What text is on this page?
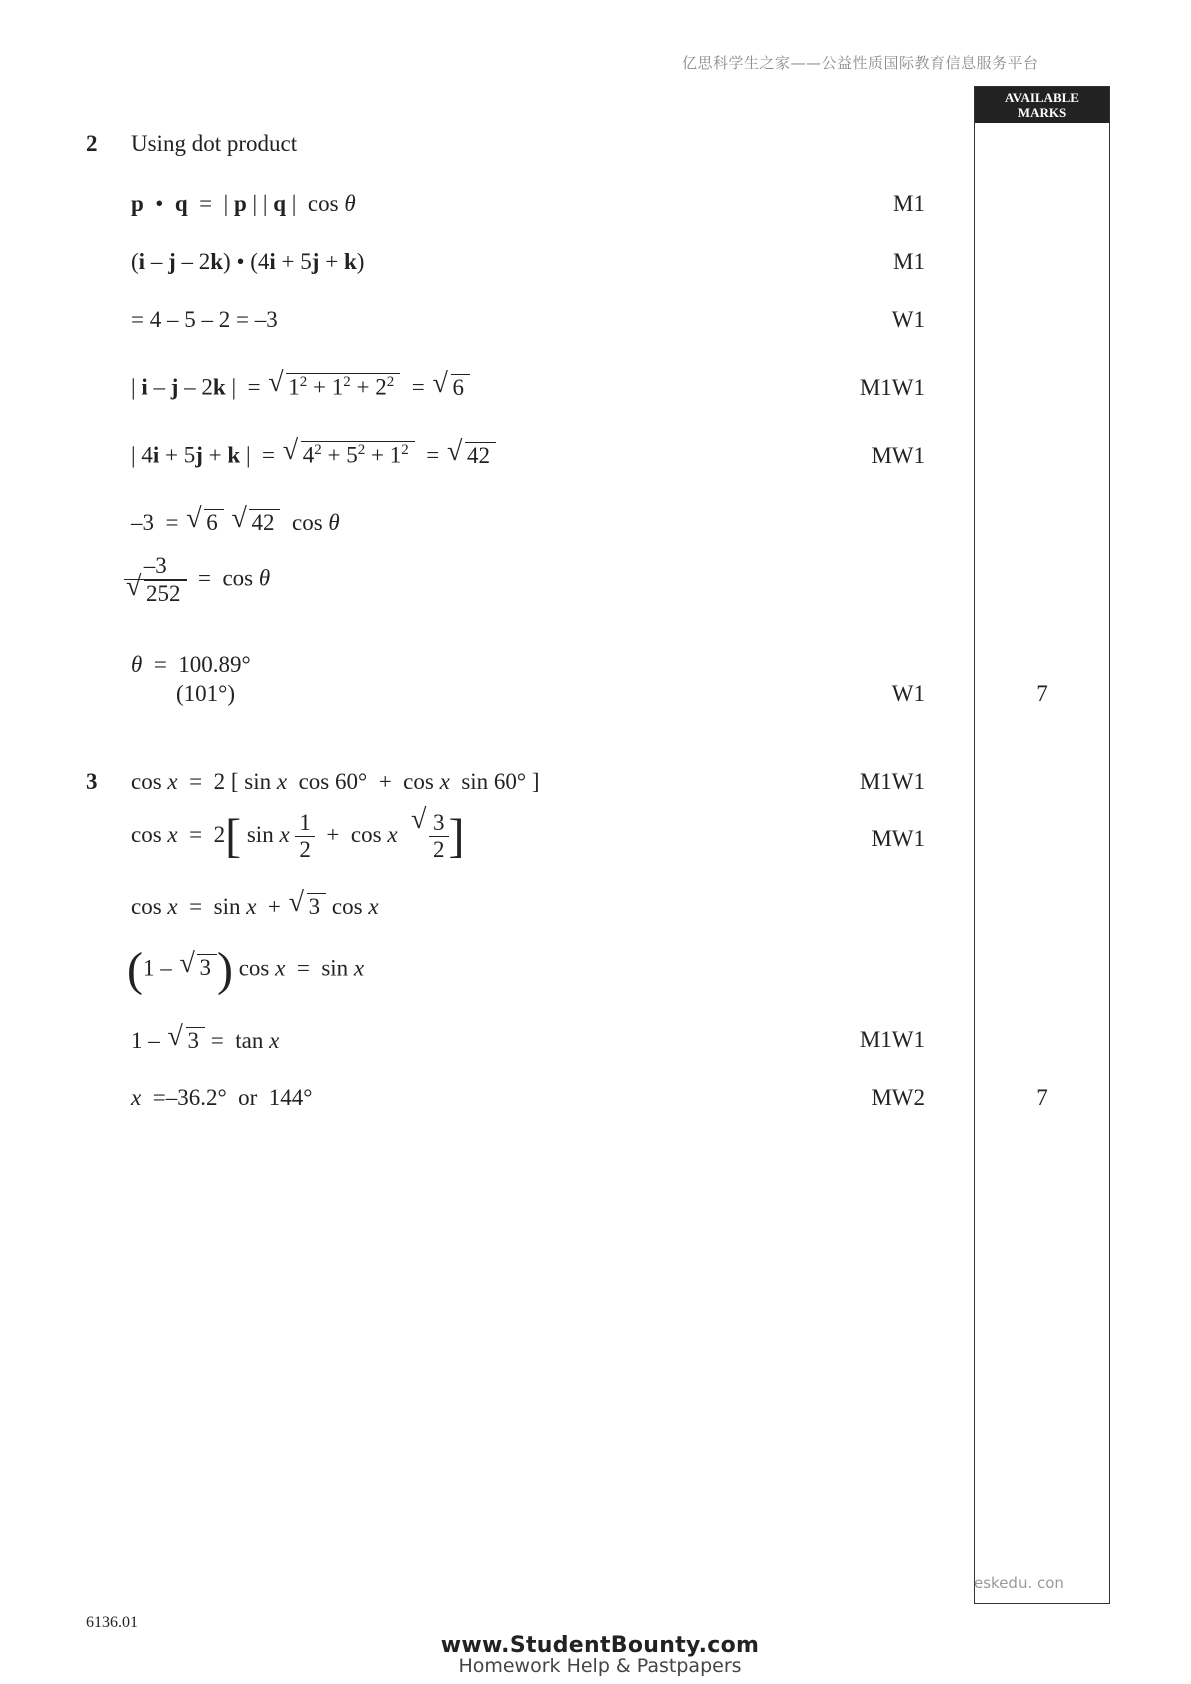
亿思科学生之家——公益性质国际教育信息服务平台
AVAILABLE
MARKS
2 Using dot product
p  •  q  =  | p | | q |  cos θ	M1
(i – j – 2k) • (4i + 5j + k)	M1
= 4 – 5 – 2 = –3	W1
| i – j – 2k |  = √ $1^2 + 1^2 + 2^2$  = √ 6	M1W1
| 4i + 5j + k |  = √ $4^2 + 5^2 + 1^2$  = √ 42	MW1
–3  = √ 6 √ 42  cos θ
–3
√ 252 =  cos θ
θ  =  100.89°
(101°)	W1	7
3 cos x  =  2 [ sin x  cos 60°  +  cos x  sin 60° ]	M1W1
cos x  =  2[ sin x $\frac{1}{2} + \cos x$ √ $\frac{3}{2}$ ]	MW1
cos x  =  sin x  + √ 3 cos x
(1 – √ 3 ) cos x  =  sin x
1 – √ 3 =  tan x	M1W1
x  =–36.2°  or  144°	MW2	7
eskedu. con
6136.01
www.StudentBounty.com
Homework Help & Pastpapers
